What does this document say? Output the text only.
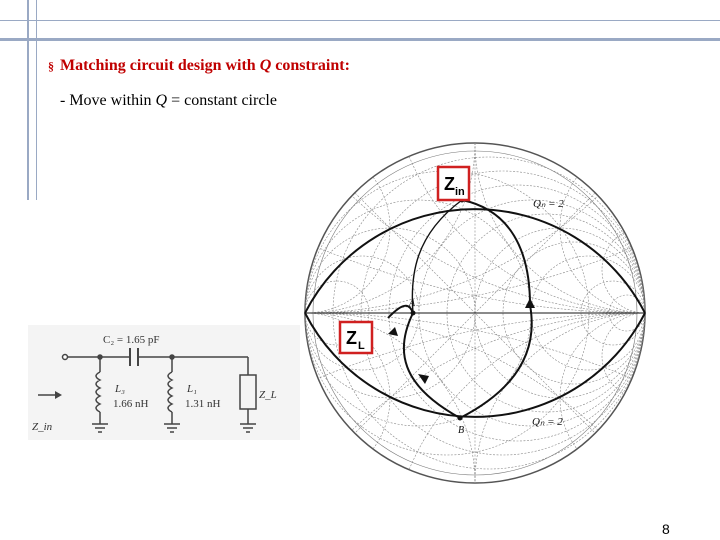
§ Matching circuit design with Q constraint:
- Move within Q = constant circle
A
B
Qₙ = 2
Qₙ = 2
Z in
Z L
C₂ = 1.65 pF
L₃
1.66 nH
L₁
1.31 nH
Z_L
Z_in
8
